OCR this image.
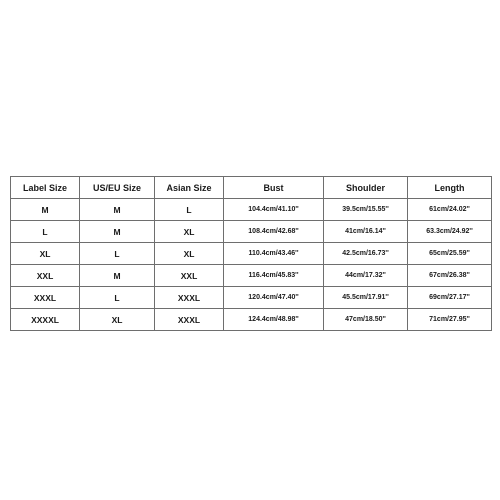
Label Size	US/EU Size	Asian Size	Bust	Shoulder	Length
M	M	L	104.4cm/41.10''	39.5cm/15.55''	61cm/24.02''
L	M	XL	108.4cm/42.68''	41cm/16.14''	63.3cm/24.92''
XL	L	XL	110.4cm/43.46''	42.5cm/16.73''	65cm/25.59''
XXL	M	XXL	116.4cm/45.83''	44cm/17.32''	67cm/26.38''
XXXL	L	XXXL	120.4cm/47.40''	45.5cm/17.91''	69cm/27.17''
XXXXL	XL	XXXL	124.4cm/48.98''	47cm/18.50''	71cm/27.95''
